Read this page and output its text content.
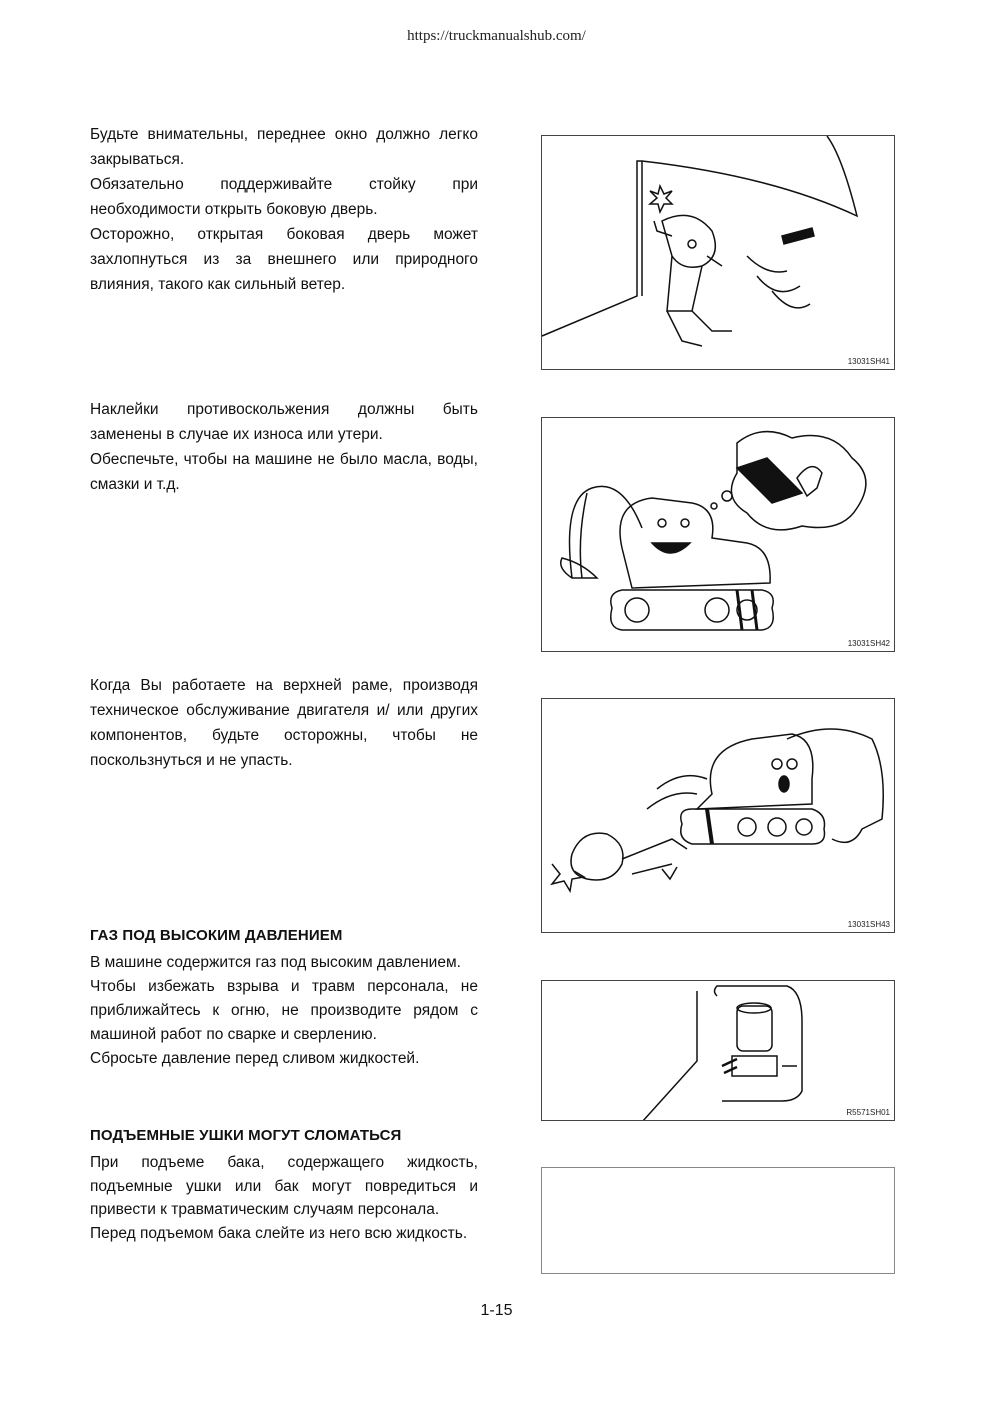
https://truckmanualshub.com/

Будьте внимательны, переднее окно должно легко закрываться.

Обязательно поддерживайте стойку при необходимости открыть боковую дверь.

Осторожно, открытая боковая дверь может захлопнуться из за внешнего или природного влияния, такого как сильный ветер.

Наклейки противоскольжения должны быть заменены в случае их износа или утери.

Обеспечьте, чтобы на машине не было масла, воды, смазки и т.д.

Когда Вы работаете на верхней раме, производя техническое обслуживание двигателя и/ или других компонентов, будьте осторожны, чтобы не поскользнуться и не упасть.

ГАЗ ПОД ВЫСОКИМ ДАВЛЕНИЕМ

В машине содержится газ под высоким давлением.

Чтобы избежать взрыва и травм персонала, не приближайтесь к огню, не производите рядом с машиной работ по сварке и сверлению.

Сбросьте давление перед сливом жидкостей.

ПОДЪЕМНЫЕ УШКИ МОГУТ СЛОМАТЬСЯ

При подъеме бака, содержащего жидкость, подъемные ушки или бак могут повредиться и привести к травматическим случаям персонала.

Перед подъемом бака слейте из него всю жидкость.

13031SH41
13031SH42
13031SH43
R5571SH01
1-15
